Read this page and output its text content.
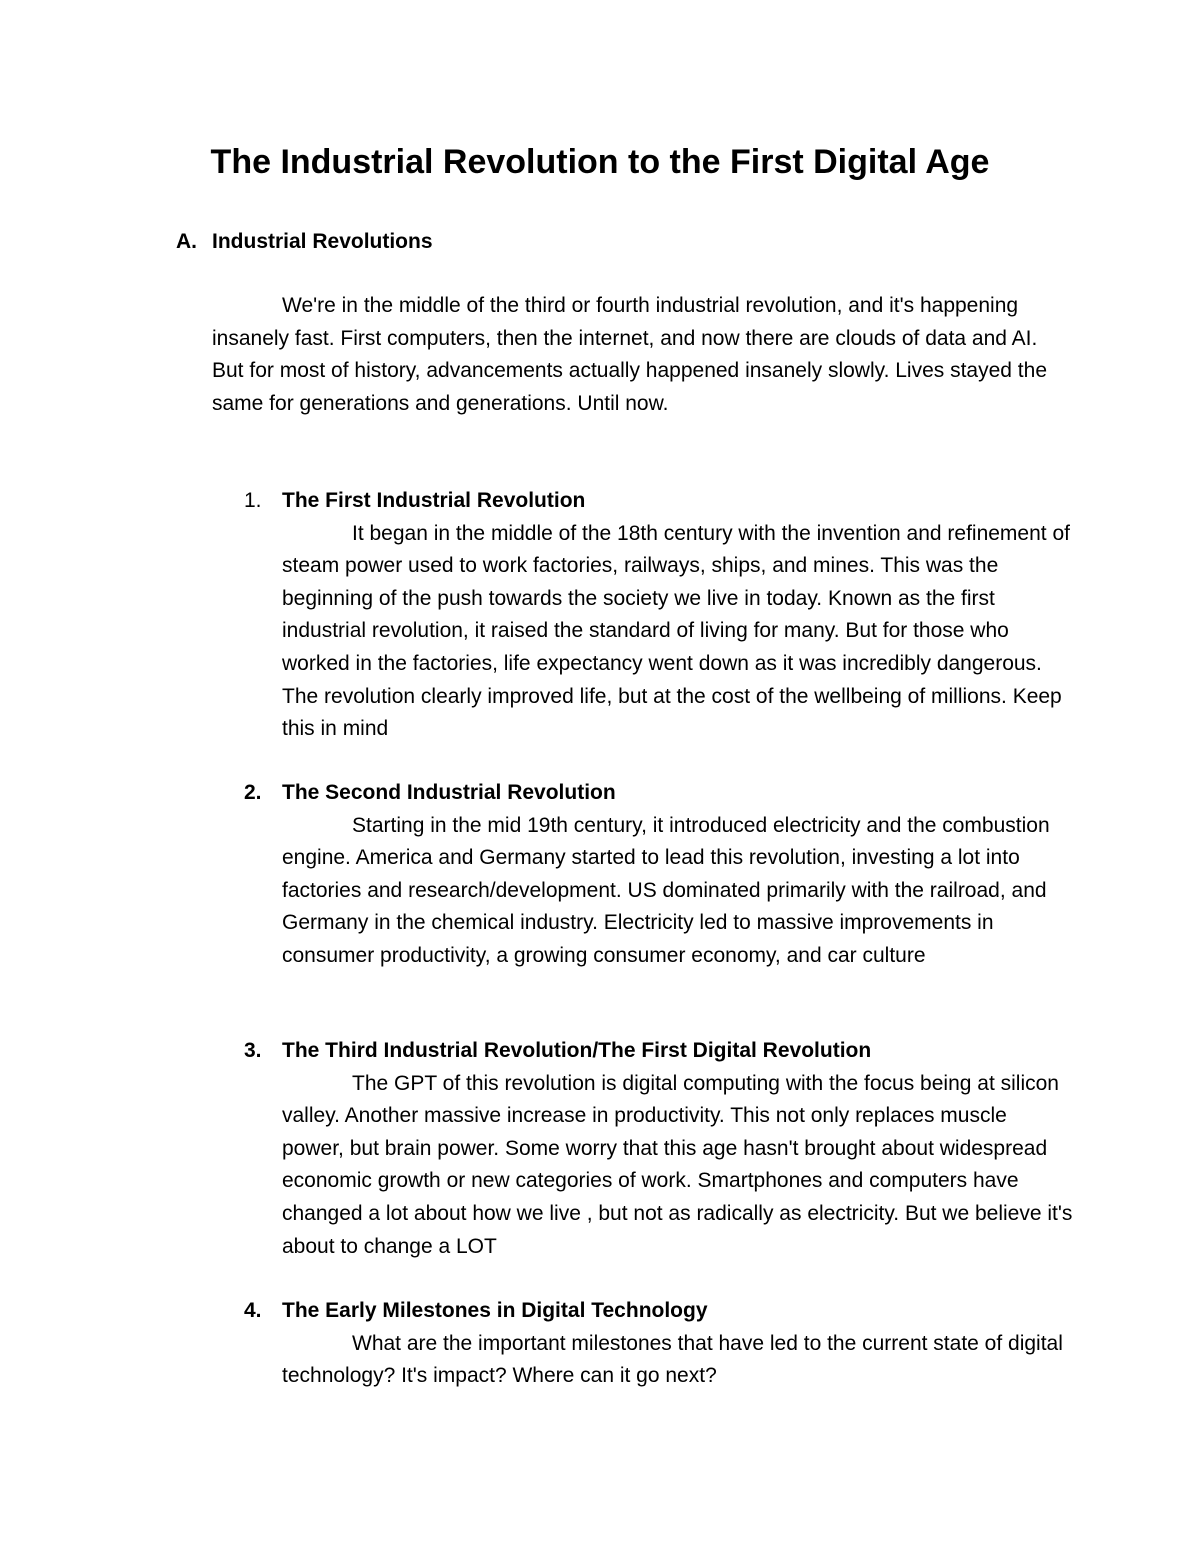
The Industrial Revolution to the First Digital Age
A. Industrial Revolutions

We're in the middle of the third or fourth industrial revolution, and it's happening insanely fast. First computers, then the internet, and now there are clouds of data and AI. But for most of history, advancements actually happened insanely slowly. Lives stayed the same for generations and generations. Until now.

1. The First Industrial Revolution

It began in the middle of the 18th century with the invention and refinement of steam power used to work factories, railways, ships, and mines. This was the beginning of the push towards the society we live in today. Known as the first industrial revolution, it raised the standard of living for many. But for those who worked in the factories, life expectancy went down as it was incredibly dangerous. The revolution clearly improved life, but at the cost of the wellbeing of millions. Keep this in mind

2. The Second Industrial Revolution

Starting in the mid 19th century, it introduced electricity and the combustion engine. America and Germany started to lead this revolution, investing a lot into factories and research/development. US dominated primarily with the railroad, and Germany in the chemical industry. Electricity led to massive improvements in consumer productivity, a growing consumer economy, and car culture

3. The Third Industrial Revolution/The First Digital Revolution

The GPT of this revolution is digital computing with the focus being at silicon valley. Another massive increase in productivity. This not only replaces muscle power, but brain power. Some worry that this age hasn't brought about widespread economic growth or new categories of work. Smartphones and computers have changed a lot about how we live , but not as radically as electricity. But we believe it's about to change a LOT

4. The Early Milestones in Digital Technology

What are the important milestones that have led to the current state of digital technology? It's impact? Where can it go next?
